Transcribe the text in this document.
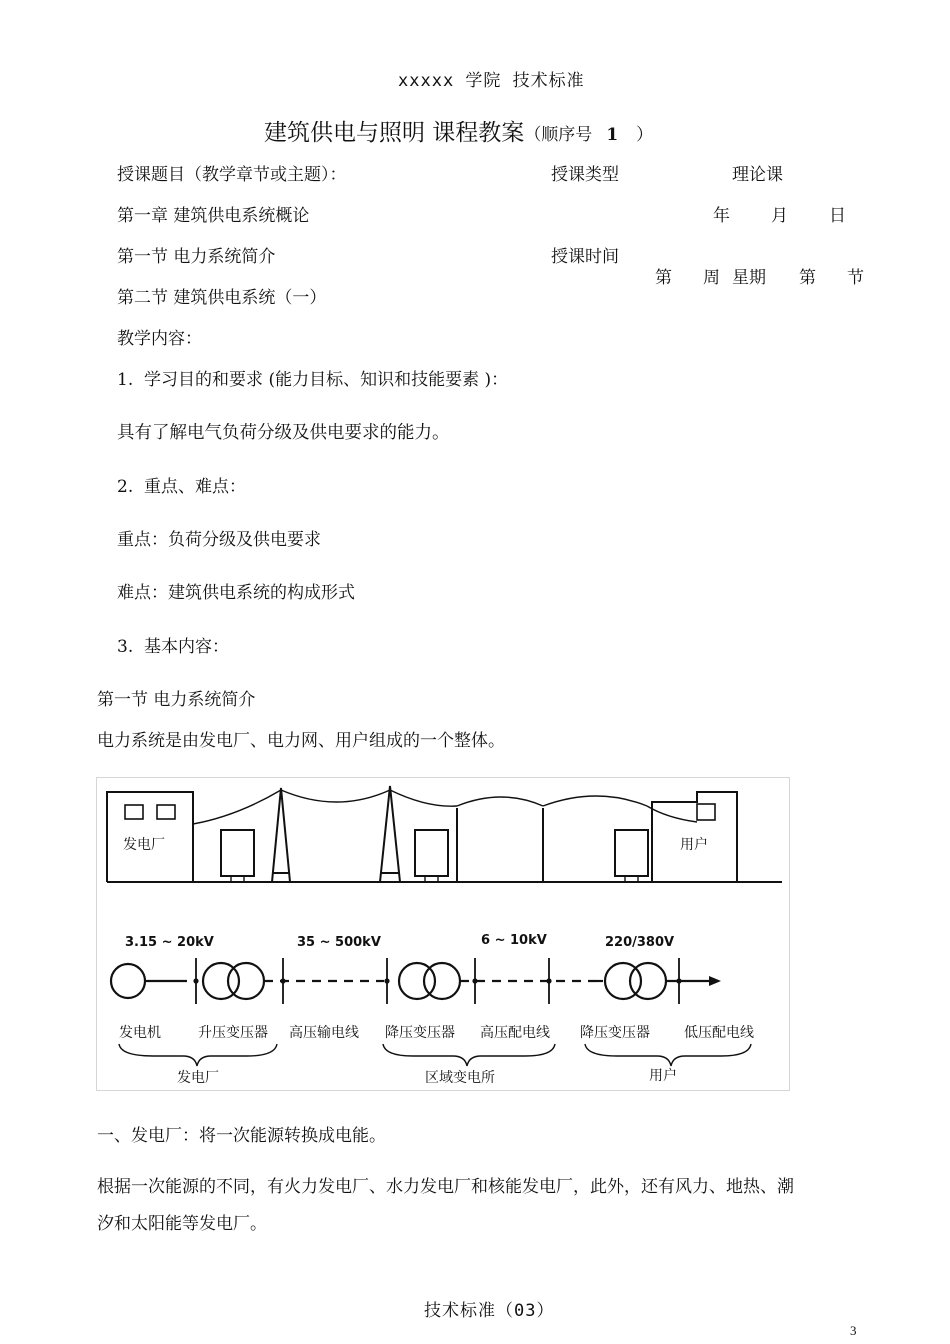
xxxxx 学院 技术标准
建筑供电与照明 课程教案（顺序号 1 ）
授课题目（教学章节或主题）：	授课类型	理论课
第一章 建筑供电系统概论	年 月 日
第一节 电力系统简介	授课时间
第 周 星期 第 节
第二节 建筑供电系统（一）
教学内容：
1. 学习目的和要求 (能力目标、知识和技能要素 )：
具有了解电气负荷分级及供电要求的能力。
2. 重点、难点：
重点：负荷分级及供电要求
难点：建筑供电系统的构成形式
3. 基本内容：
第一节 电力系统简介
电力系统是由发电厂、电力网、用户组成的一个整体。
发电厂	用户
3.15 ~ 20kV	35 ~ 500kV	6 ~ 10kV	220/380V
发电机	升压变压器 高压输电线 降压变压器 高压配电线 降压变压器 低压配电线
发电厂	区域变电所	用户
一、发电厂：将一次能源转换成电能。
根据一次能源的不同，有火力发电厂、水力发电厂和核能发电厂，此外，还有风力、地热、潮
汐和太阳能等发电厂。
技术标准（03）
3
